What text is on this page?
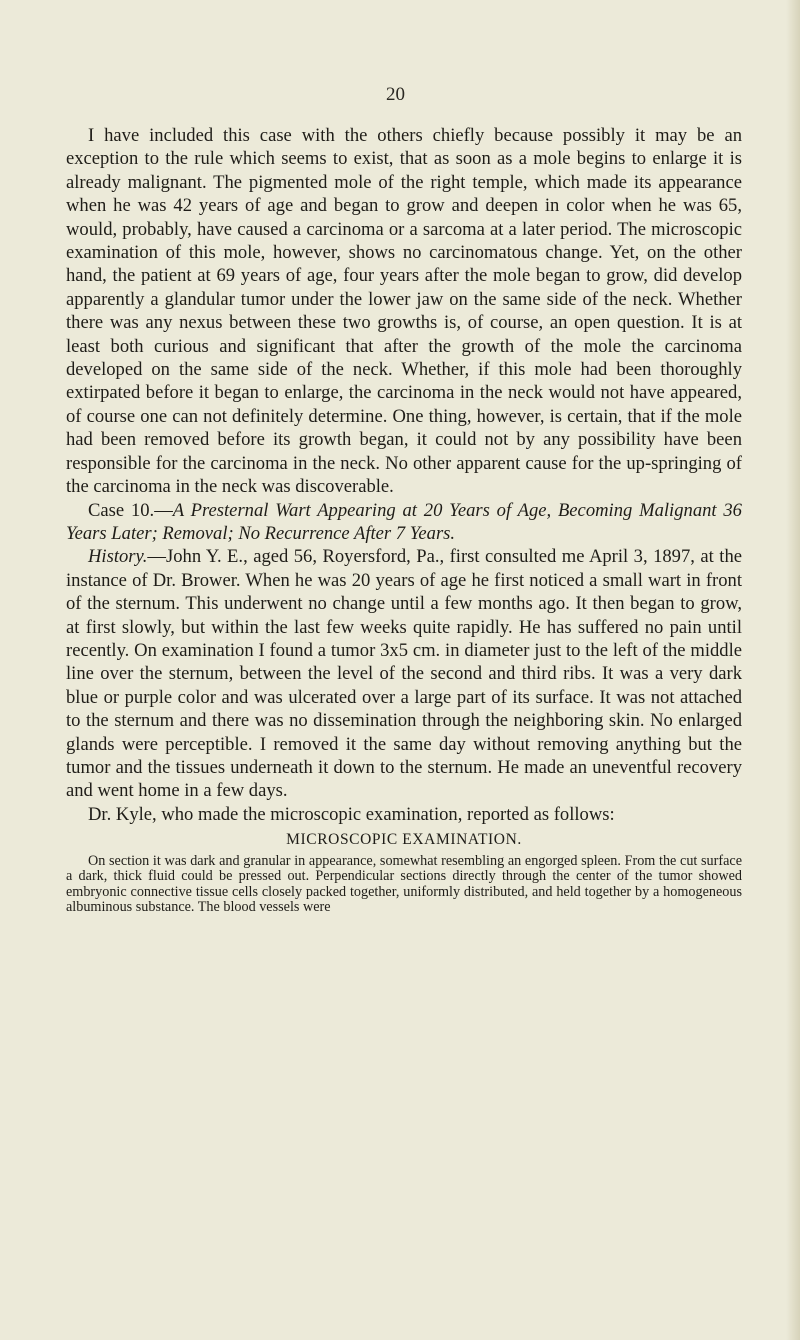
20

I have included this case with the others chiefly because possibly it may be an exception to the rule which seems to exist, that as soon as a mole begins to enlarge it is already malignant. The pigmented mole of the right temple, which made its appearance when he was 42 years of age and began to grow and deepen in color when he was 65, would, probably, have caused a carcinoma or a sarcoma at a later period. The microscopic examination of this mole, however, shows no carcinomatous change. Yet, on the other hand, the patient at 69 years of age, four years after the mole began to grow, did develop apparently a glandular tumor under the lower jaw on the same side of the neck. Whether there was any nexus between these two growths is, of course, an open question. It is at least both curious and significant that after the growth of the mole the carcinoma developed on the same side of the neck. Whether, if this mole had been thoroughly extirpated before it began to enlarge, the carcinoma in the neck would not have appeared, of course one can not definitely determine. One thing, however, is certain, that if the mole had been removed before its growth began, it could not by any possibility have been responsible for the carcinoma in the neck. No other apparent cause for the up-springing of the carcinoma in the neck was discoverable.

Case 10.—A Presternal Wart Appearing at 20 Years of Age, Becoming Malignant 36 Years Later; Removal; No Recurrence After 7 Years.

History.—John Y. E., aged 56, Royersford, Pa., first consulted me April 3, 1897, at the instance of Dr. Brower. When he was 20 years of age he first noticed a small wart in front of the sternum. This underwent no change until a few months ago. It then began to grow, at first slowly, but within the last few weeks quite rapidly. He has suffered no pain until recently. On examination I found a tumor 3x5 cm. in diameter just to the left of the middle line over the sternum, between the level of the second and third ribs. It was a very dark blue or purple color and was ulcerated over a large part of its surface. It was not attached to the sternum and there was no dissemination through the neighboring skin. No enlarged glands were perceptible. I removed it the same day without removing anything but the tumor and the tissues underneath it down to the sternum. He made an uneventful recovery and went home in a few days.

Dr. Kyle, who made the microscopic examination, reported as follows:

MICROSCOPIC EXAMINATION.

On section it was dark and granular in appearance, somewhat resembling an engorged spleen. From the cut surface a dark, thick fluid could be pressed out. Perpendicular sections directly through the center of the tumor showed embryonic connective tissue cells closely packed together, uniformly distributed, and held together by a homogeneous albuminous substance. The blood vessels were
